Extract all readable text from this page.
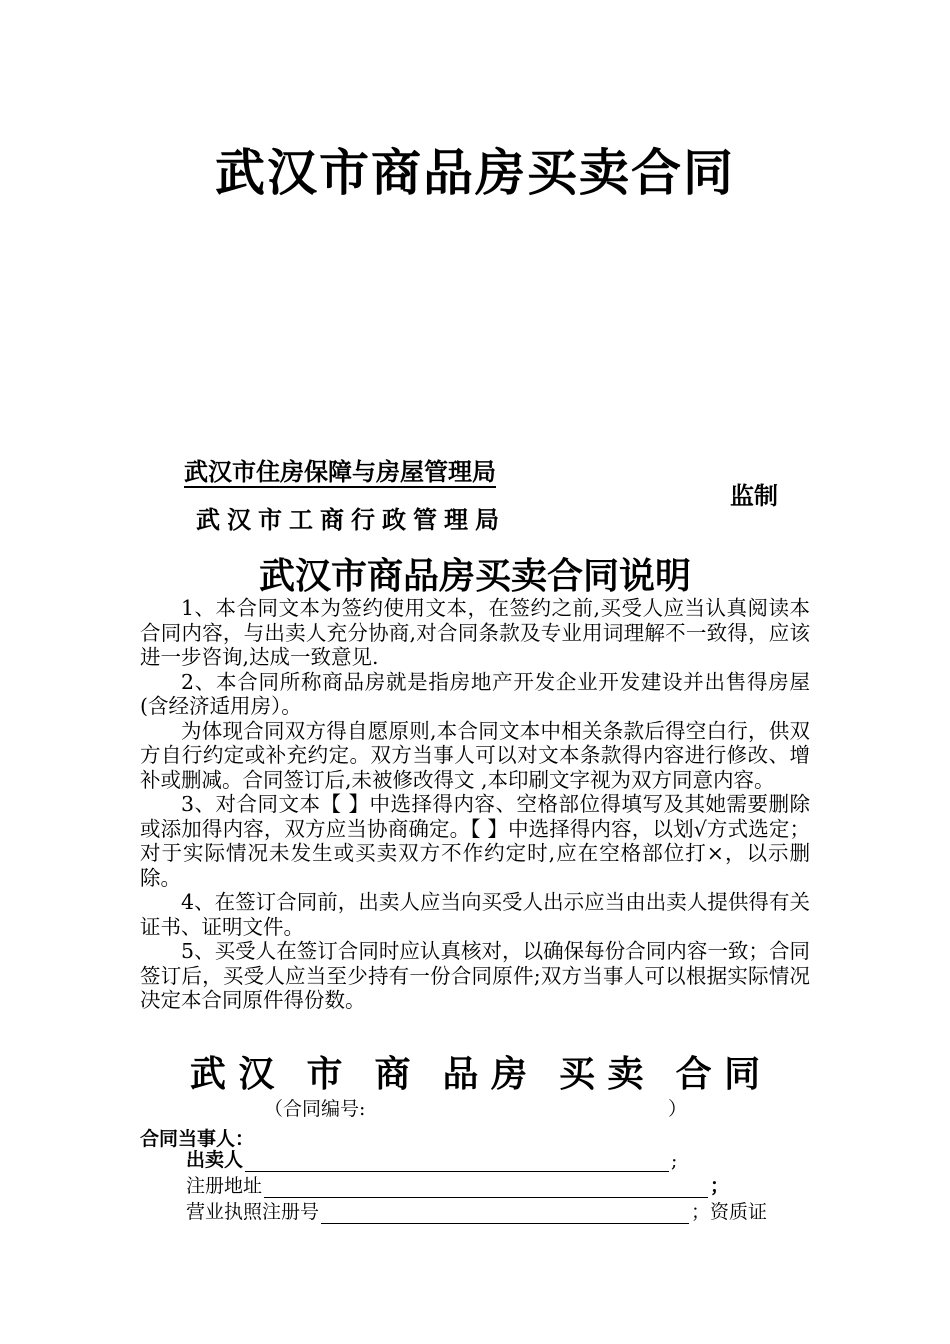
武汉市商品房买卖合同
武汉市住房保障与房屋管理局
武汉市工商行政管理局
监制
武汉市商品房买卖合同说明

1、本合同文本为签约使用文本，在签约之前,买受人应当认真阅读本合同内容，与出卖人充分协商,对合同条款及专业用词理解不一致得，应该进一步咨询,达成一致意见.

2、本合同所称商品房就是指房地产开发企业开发建设并出售得房屋(含经济适用房）。

为体现合同双方得自愿原则,本合同文本中相关条款后得空白行，供双方自行约定或补充约定。双方当事人可以对文本条款得内容进行修改、增补或删减。合同签订后,未被修改得文 ,本印刷文字视为双方同意内容。

3、对合同文本【 】中选择得内容、空格部位得填写及其她需要删除或添加得内容，双方应当协商确定。【 】中选择得内容，以划√方式选定；对于实际情况未发生或买卖双方不作约定时,应在空格部位打×，以示删除。

4、在签订合同前，出卖人应当向买受人出示应当由出卖人提供得有关证书、证明文件。

5、买受人在签订合同时应认真核对，以确保每份合同内容一致；合同签订后，买受人应当至少持有一份合同原件;双方当事人可以根据实际情况决定本合同原件得份数。

武 汉 市 商 品 房 买 卖 合 同
（合同编号:	）
合同当事人：
出卖人	;
注册地址	；
营业执照注册号	；资质证
